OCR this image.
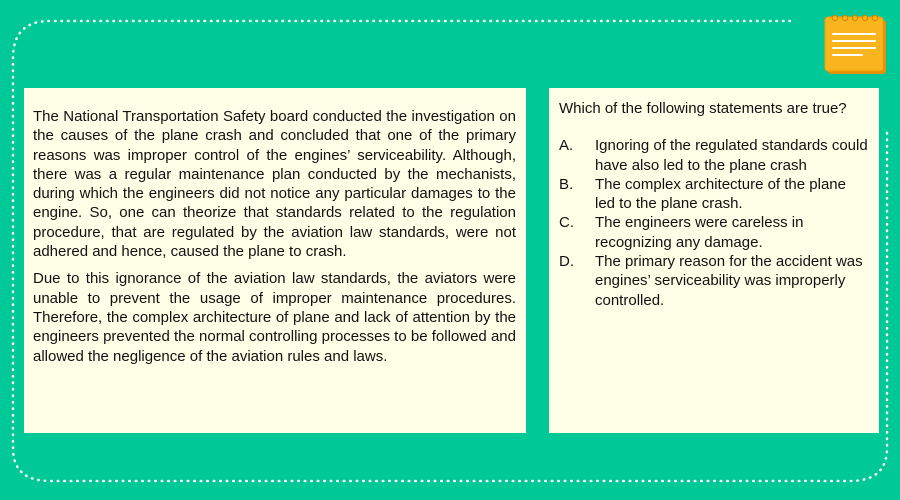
The National Transportation Safety board conducted the investigation on the causes of the plane crash and concluded that one of the primary reasons was improper control of the engines’ serviceability. Although, there was a regular maintenance plan conducted by the mechanists, during which the engineers did not notice any particular damages to the engine. So, one can theorize that standards related to the regulation procedure, that are regulated by the aviation law standards, were not adhered and hence, caused the plane to crash.

Due to this ignorance of the aviation law standards, the aviators were unable to prevent the usage of improper maintenance procedures. Therefore, the complex architecture of plane and lack of attention by the engineers prevented the normal controlling processes to be followed and allowed the negligence of the aviation rules and laws.

Which of the following statements are true?
A.	Ignoring of the regulated standards could have also led to the plane crash
B.	The complex architecture of the plane led to the plane crash.
C.	The engineers were careless in recognizing any damage.
D.	The primary reason for the accident was engines’ serviceability was improperly controlled.
